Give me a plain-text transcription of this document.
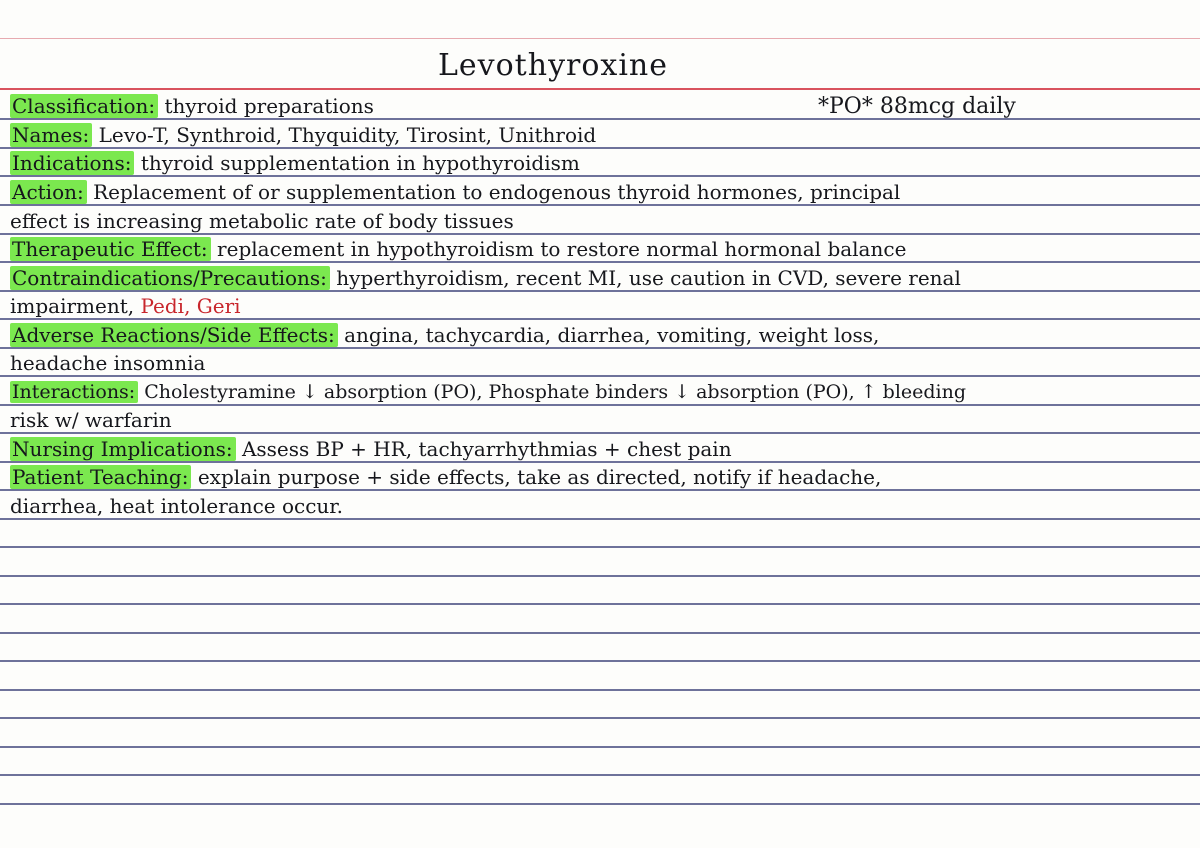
Levothyroxine
*PO* 88mcg daily
Classification: thyroid preparations
Names: Levo-T, Synthroid, Thyquidity, Tirosint, Unithroid
Indications: thyroid supplementation in hypothyroidism
Action: Replacement of or supplementation to endogenous thyroid hormones, principal
effect is increasing metabolic rate of body tissues
Therapeutic Effect: replacement in hypothyroidism to restore normal hormonal balance
Contraindications/Precautions: hyperthyroidism, recent MI, use caution in CVD, severe renal
impairment, Pedi, Geri
Adverse Reactions/Side Effects: angina, tachycardia, diarrhea, vomiting, weight loss,
headache insomnia
Interactions: Cholestyramine ↓ absorption (PO), Phosphate binders ↓ absorption (PO), ↑ bleeding
risk w/ warfarin
Nursing Implications: Assess BP + HR, tachyarrhythmias + chest pain
Patient Teaching: explain purpose + side effects, take as directed, notify if headache,
diarrhea, heat intolerance occur.
